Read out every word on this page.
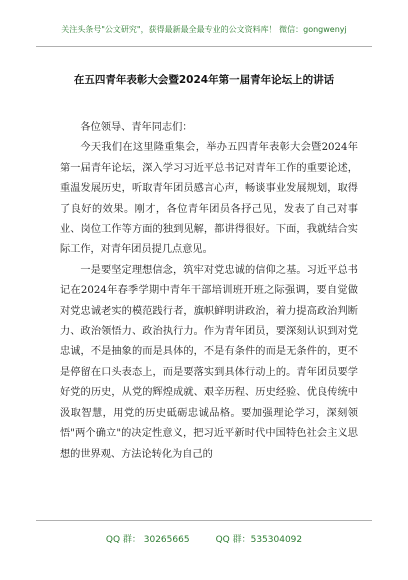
关注头条号"公文研究"，获得最新最全最专业的公文资料库！ 微信：gongwenyj
在五四青年表彰大会暨2024年第一届青年论坛上的讲话

各位领导、青年同志们：

今天我们在这里隆重集会，举办五四青年表彰大会暨2024年第一届青年论坛，深入学习习近平总书记对青年工作的重要论述，重温发展历史，听取青年团员感言心声，畅谈事业发展规划，取得了良好的效果。刚才，各位青年团员各抒己见，发表了自己对事业、岗位工作等方面的独到见解，都讲得很好。下面，我就结合实际工作，对青年团员提几点意见。

一是要坚定理想信念，筑牢对党忠诚的信仰之基。习近平总书记在2024年春季学期中青年干部培训班开班之际强调，要自觉做对党忠诚老实的模范践行者，旗帜鲜明讲政治，着力提高政治判断力、政治领悟力、政治执行力。作为青年团员，要深刻认识到对党忠诚，不是抽象的而是具体的，不是有条件的而是无条件的，更不是停留在口头表态上，而是要落实到具体行动上的。青年团员要学好党的历史，从党的辉煌成就、艰辛历程、历史经验、优良传统中汲取智慧，用党的历史砥砺忠诚品格。要加强理论学习，深刻领悟"两个确立"的决定性意义，把习近平新时代中国特色社会主义思想的世界观、方法论转化为自己的

QQ 群： 30265665	QQ 群：535304092
